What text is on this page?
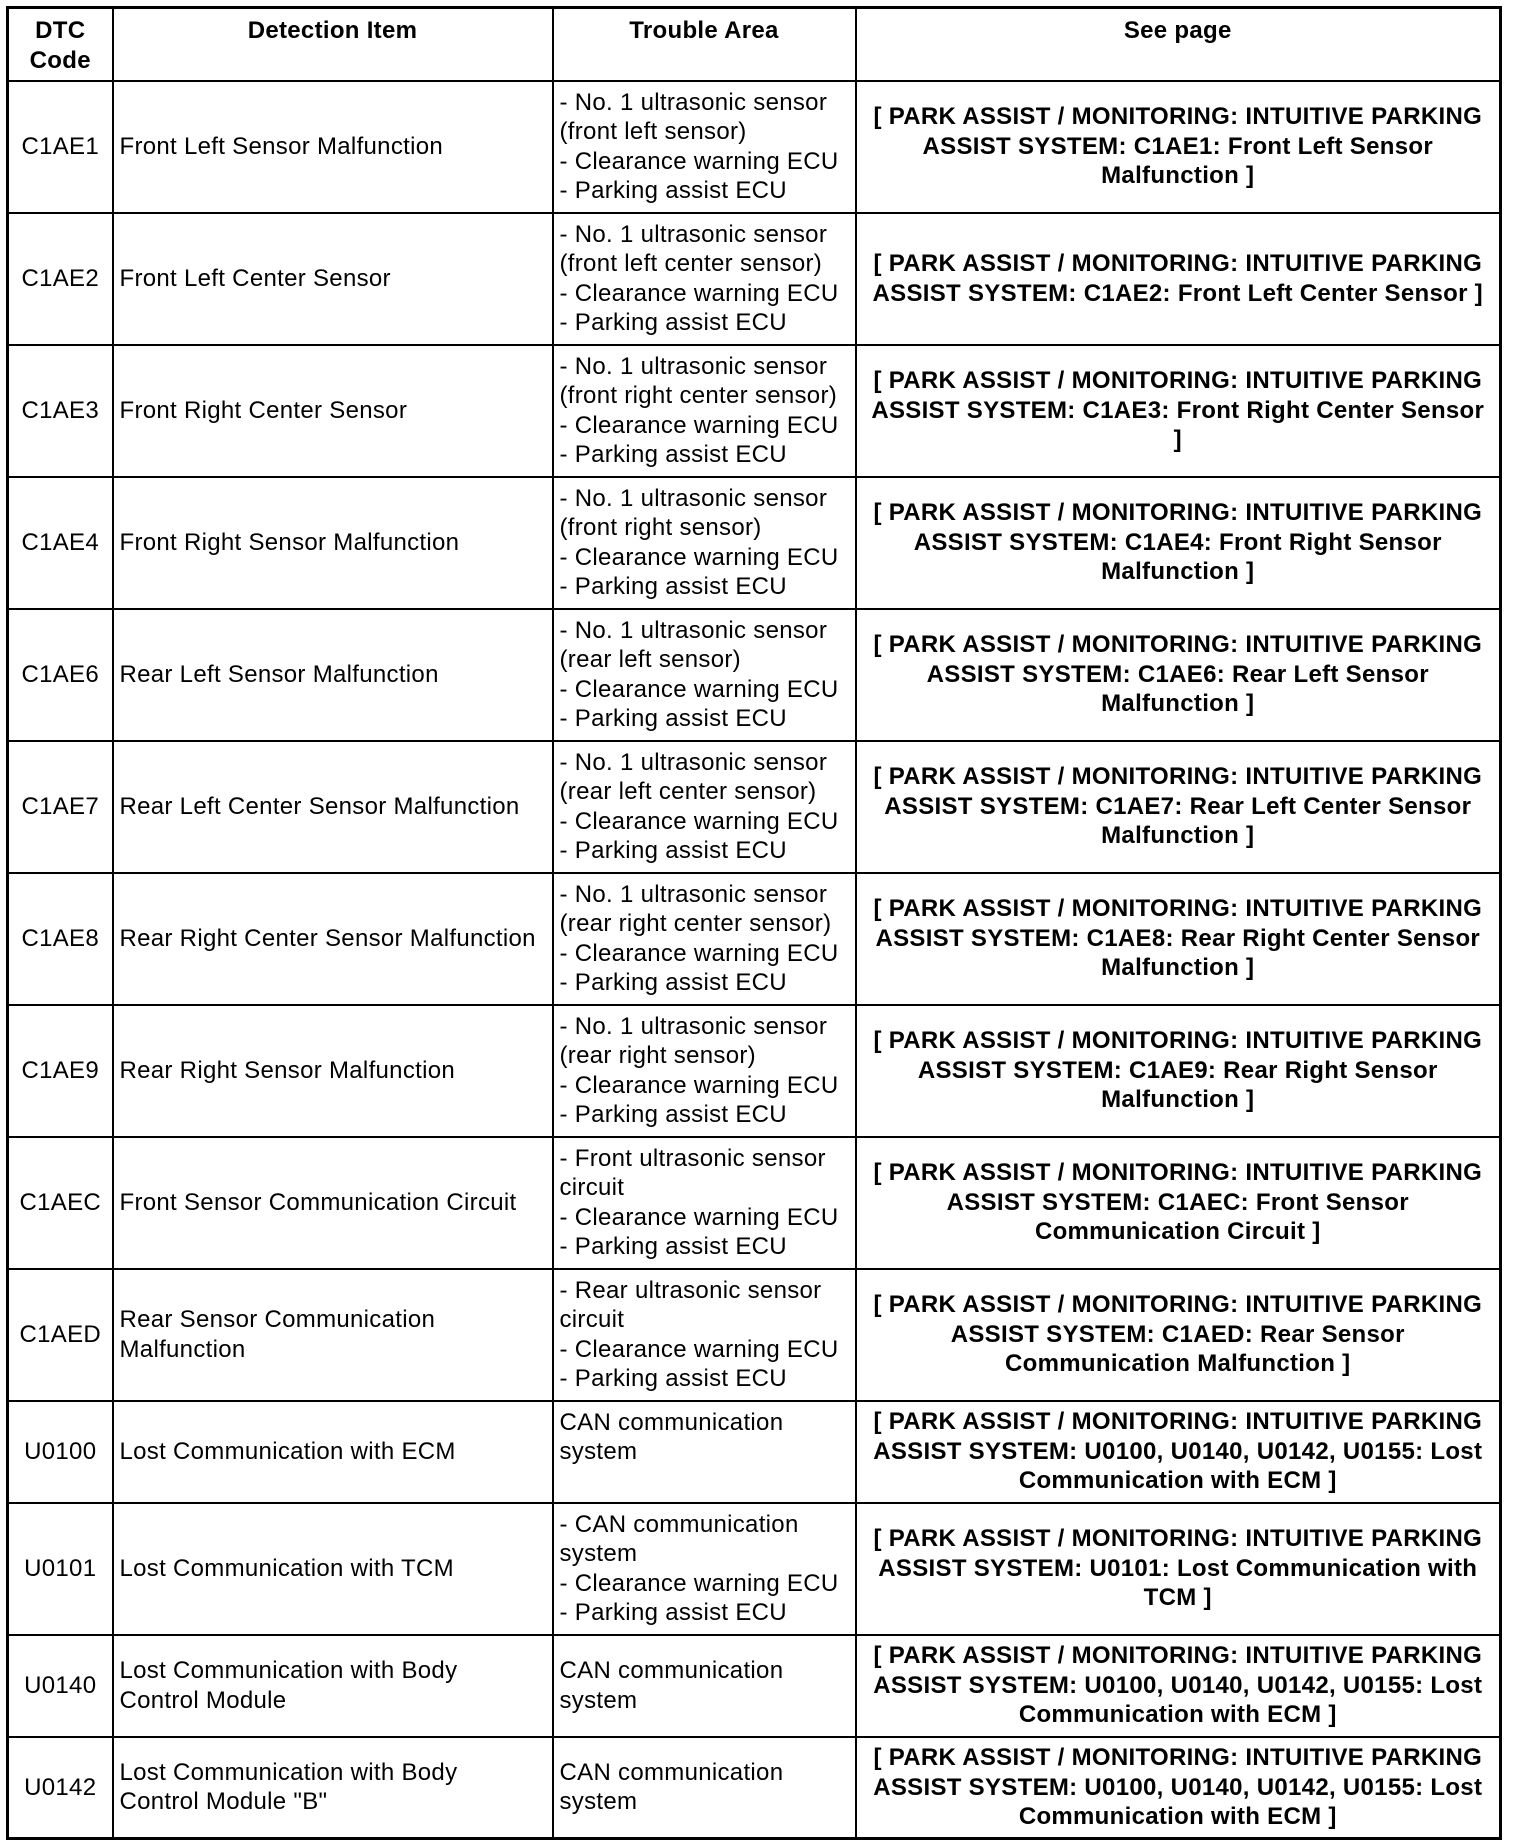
DTC
Code	Detection Item	Trouble Area	See page
C1AE1	Front Left Sensor Malfunction	- No. 1 ultrasonic sensor
(front left sensor)
- Clearance warning ECU
- Parking assist ECU	[ PARK ASSIST / MONITORING: INTUITIVE PARKING
ASSIST SYSTEM: C1AE1: Front Left Sensor
Malfunction ]
C1AE2	Front Left Center Sensor	- No. 1 ultrasonic sensor
(front left center sensor)
- Clearance warning ECU
- Parking assist ECU	[ PARK ASSIST / MONITORING: INTUITIVE PARKING
ASSIST SYSTEM: C1AE2: Front Left Center Sensor ]
C1AE3	Front Right Center Sensor	- No. 1 ultrasonic sensor
(front right center sensor)
- Clearance warning ECU
- Parking assist ECU	[ PARK ASSIST / MONITORING: INTUITIVE PARKING
ASSIST SYSTEM: C1AE3: Front Right Center Sensor
]
C1AE4	Front Right Sensor Malfunction	- No. 1 ultrasonic sensor
(front right sensor)
- Clearance warning ECU
- Parking assist ECU	[ PARK ASSIST / MONITORING: INTUITIVE PARKING
ASSIST SYSTEM: C1AE4: Front Right Sensor
Malfunction ]
C1AE6	Rear Left Sensor Malfunction	- No. 1 ultrasonic sensor
(rear left sensor)
- Clearance warning ECU
- Parking assist ECU	[ PARK ASSIST / MONITORING: INTUITIVE PARKING
ASSIST SYSTEM: C1AE6: Rear Left Sensor
Malfunction ]
C1AE7	Rear Left Center Sensor Malfunction	- No. 1 ultrasonic sensor
(rear left center sensor)
- Clearance warning ECU
- Parking assist ECU	[ PARK ASSIST / MONITORING: INTUITIVE PARKING
ASSIST SYSTEM: C1AE7: Rear Left Center Sensor
Malfunction ]
C1AE8	Rear Right Center Sensor Malfunction	- No. 1 ultrasonic sensor
(rear right center sensor)
- Clearance warning ECU
- Parking assist ECU	[ PARK ASSIST / MONITORING: INTUITIVE PARKING
ASSIST SYSTEM: C1AE8: Rear Right Center Sensor
Malfunction ]
C1AE9	Rear Right Sensor Malfunction	- No. 1 ultrasonic sensor
(rear right sensor)
- Clearance warning ECU
- Parking assist ECU	[ PARK ASSIST / MONITORING: INTUITIVE PARKING
ASSIST SYSTEM: C1AE9: Rear Right Sensor
Malfunction ]
C1AEC	Front Sensor Communication Circuit	- Front ultrasonic sensor
circuit
- Clearance warning ECU
- Parking assist ECU	[ PARK ASSIST / MONITORING: INTUITIVE PARKING
ASSIST SYSTEM: C1AEC: Front Sensor
Communication Circuit ]
C1AED	Rear Sensor Communication
Malfunction	- Rear ultrasonic sensor
circuit
- Clearance warning ECU
- Parking assist ECU	[ PARK ASSIST / MONITORING: INTUITIVE PARKING
ASSIST SYSTEM: C1AED: Rear Sensor
Communication Malfunction ]
U0100	Lost Communication with ECM	CAN communication
system	[ PARK ASSIST / MONITORING: INTUITIVE PARKING
ASSIST SYSTEM: U0100, U0140, U0142, U0155: Lost
Communication with ECM ]
U0101	Lost Communication with TCM	- CAN communication
system
- Clearance warning ECU
- Parking assist ECU	[ PARK ASSIST / MONITORING: INTUITIVE PARKING
ASSIST SYSTEM: U0101: Lost Communication with
TCM ]
U0140	Lost Communication with Body
Control Module	CAN communication
system	[ PARK ASSIST / MONITORING: INTUITIVE PARKING
ASSIST SYSTEM: U0100, U0140, U0142, U0155: Lost
Communication with ECM ]
U0142	Lost Communication with Body
Control Module "B"	CAN communication
system	[ PARK ASSIST / MONITORING: INTUITIVE PARKING
ASSIST SYSTEM: U0100, U0140, U0142, U0155: Lost
Communication with ECM ]
